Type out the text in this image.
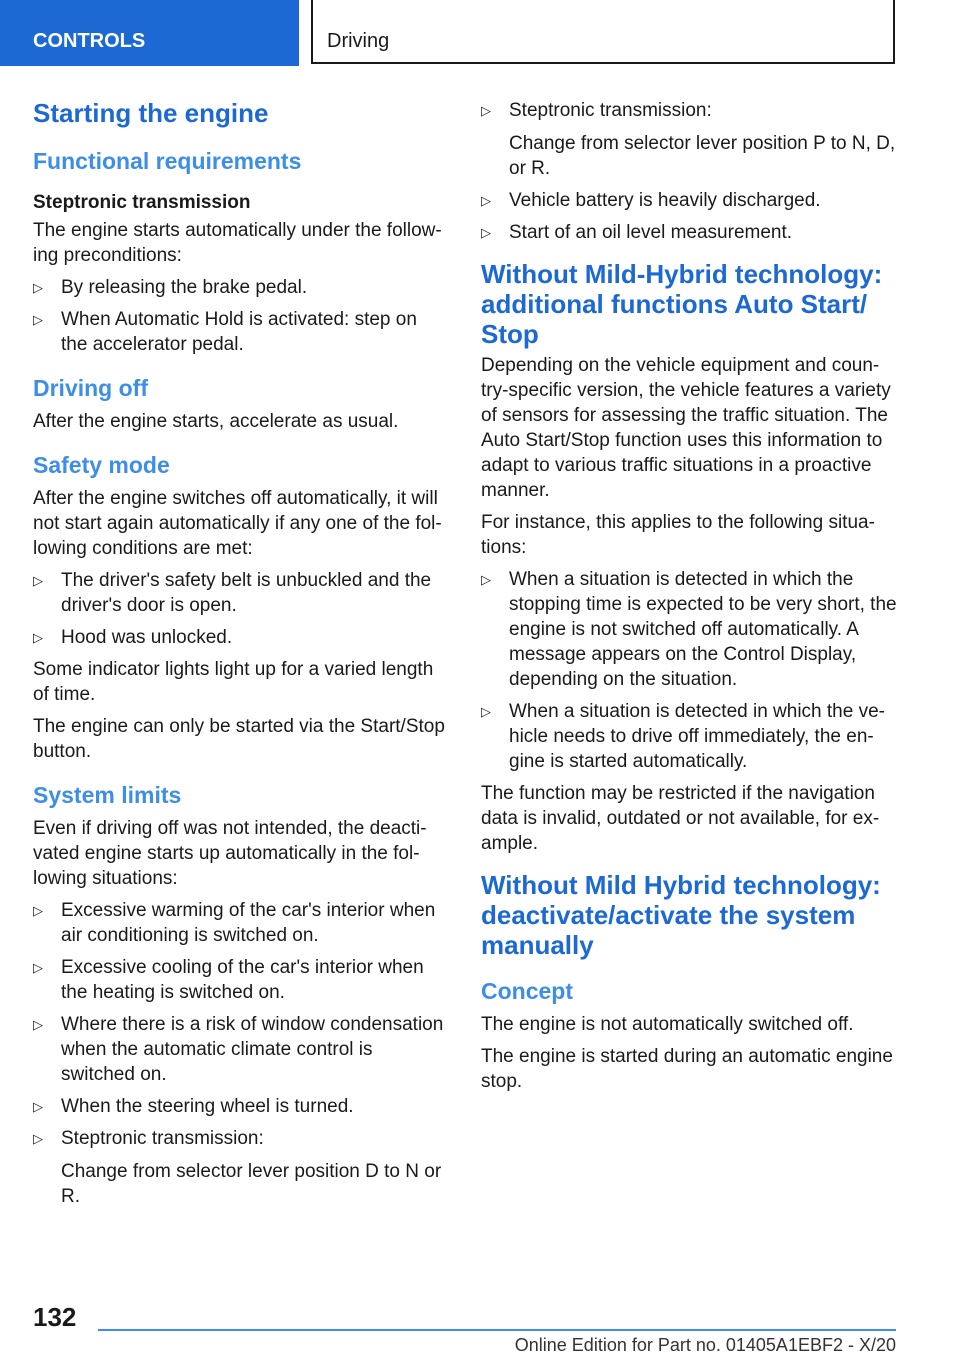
CONTROLS	Driving
Starting the engine
Functional requirements
Steptronic transmission

The engine starts automatically under the following preconditions:

▷ By releasing the brake pedal.
▷ When Automatic Hold is activated: step on the accelerator pedal.
Driving off

After the engine starts, accelerate as usual.

Safety mode

After the engine switches off automatically, it will not start again automatically if any one of the following conditions are met:

▷ The driver's safety belt is unbuckled and the driver's door is open.
▷ Hood was unlocked.

Some indicator lights light up for a varied length of time.

The engine can only be started via the Start/Stop button.

System limits

Even if driving off was not intended, the deactivated engine starts up automatically in the following situations:

▷ Excessive warming of the car's interior when air conditioning is switched on.
▷ Excessive cooling of the car's interior when the heating is switched on.
▷ Where there is a risk of window condensation when the automatic climate control is switched on.
▷ When the steering wheel is turned.
▷ Steptronic transmission:
Change from selector lever position D to N or R.
▷ Steptronic transmission:
Change from selector lever position P to N, D, or R.
▷ Vehicle battery is heavily discharged.
▷ Start of an oil level measurement.
Without Mild-Hybrid technology: additional functions Auto Start/ Stop

Depending on the vehicle equipment and country-specific version, the vehicle features a variety of sensors for assessing the traffic situation. The Auto Start/Stop function uses this information to adapt to various traffic situations in a proactive manner.

For instance, this applies to the following situations:

▷ When a situation is detected in which the stopping time is expected to be very short, the engine is not switched off automatically. A message appears on the Control Display, depending on the situation.
▷ When a situation is detected in which the vehicle needs to drive off immediately, the engine is started automatically.

The function may be restricted if the navigation data is invalid, outdated or not available, for example.

Without Mild Hybrid technology: deactivate/activate the system manually
Concept

The engine is not automatically switched off.

The engine is started during an automatic engine stop.

132
Online Edition for Part no. 01405A1EBF2 - X/20
